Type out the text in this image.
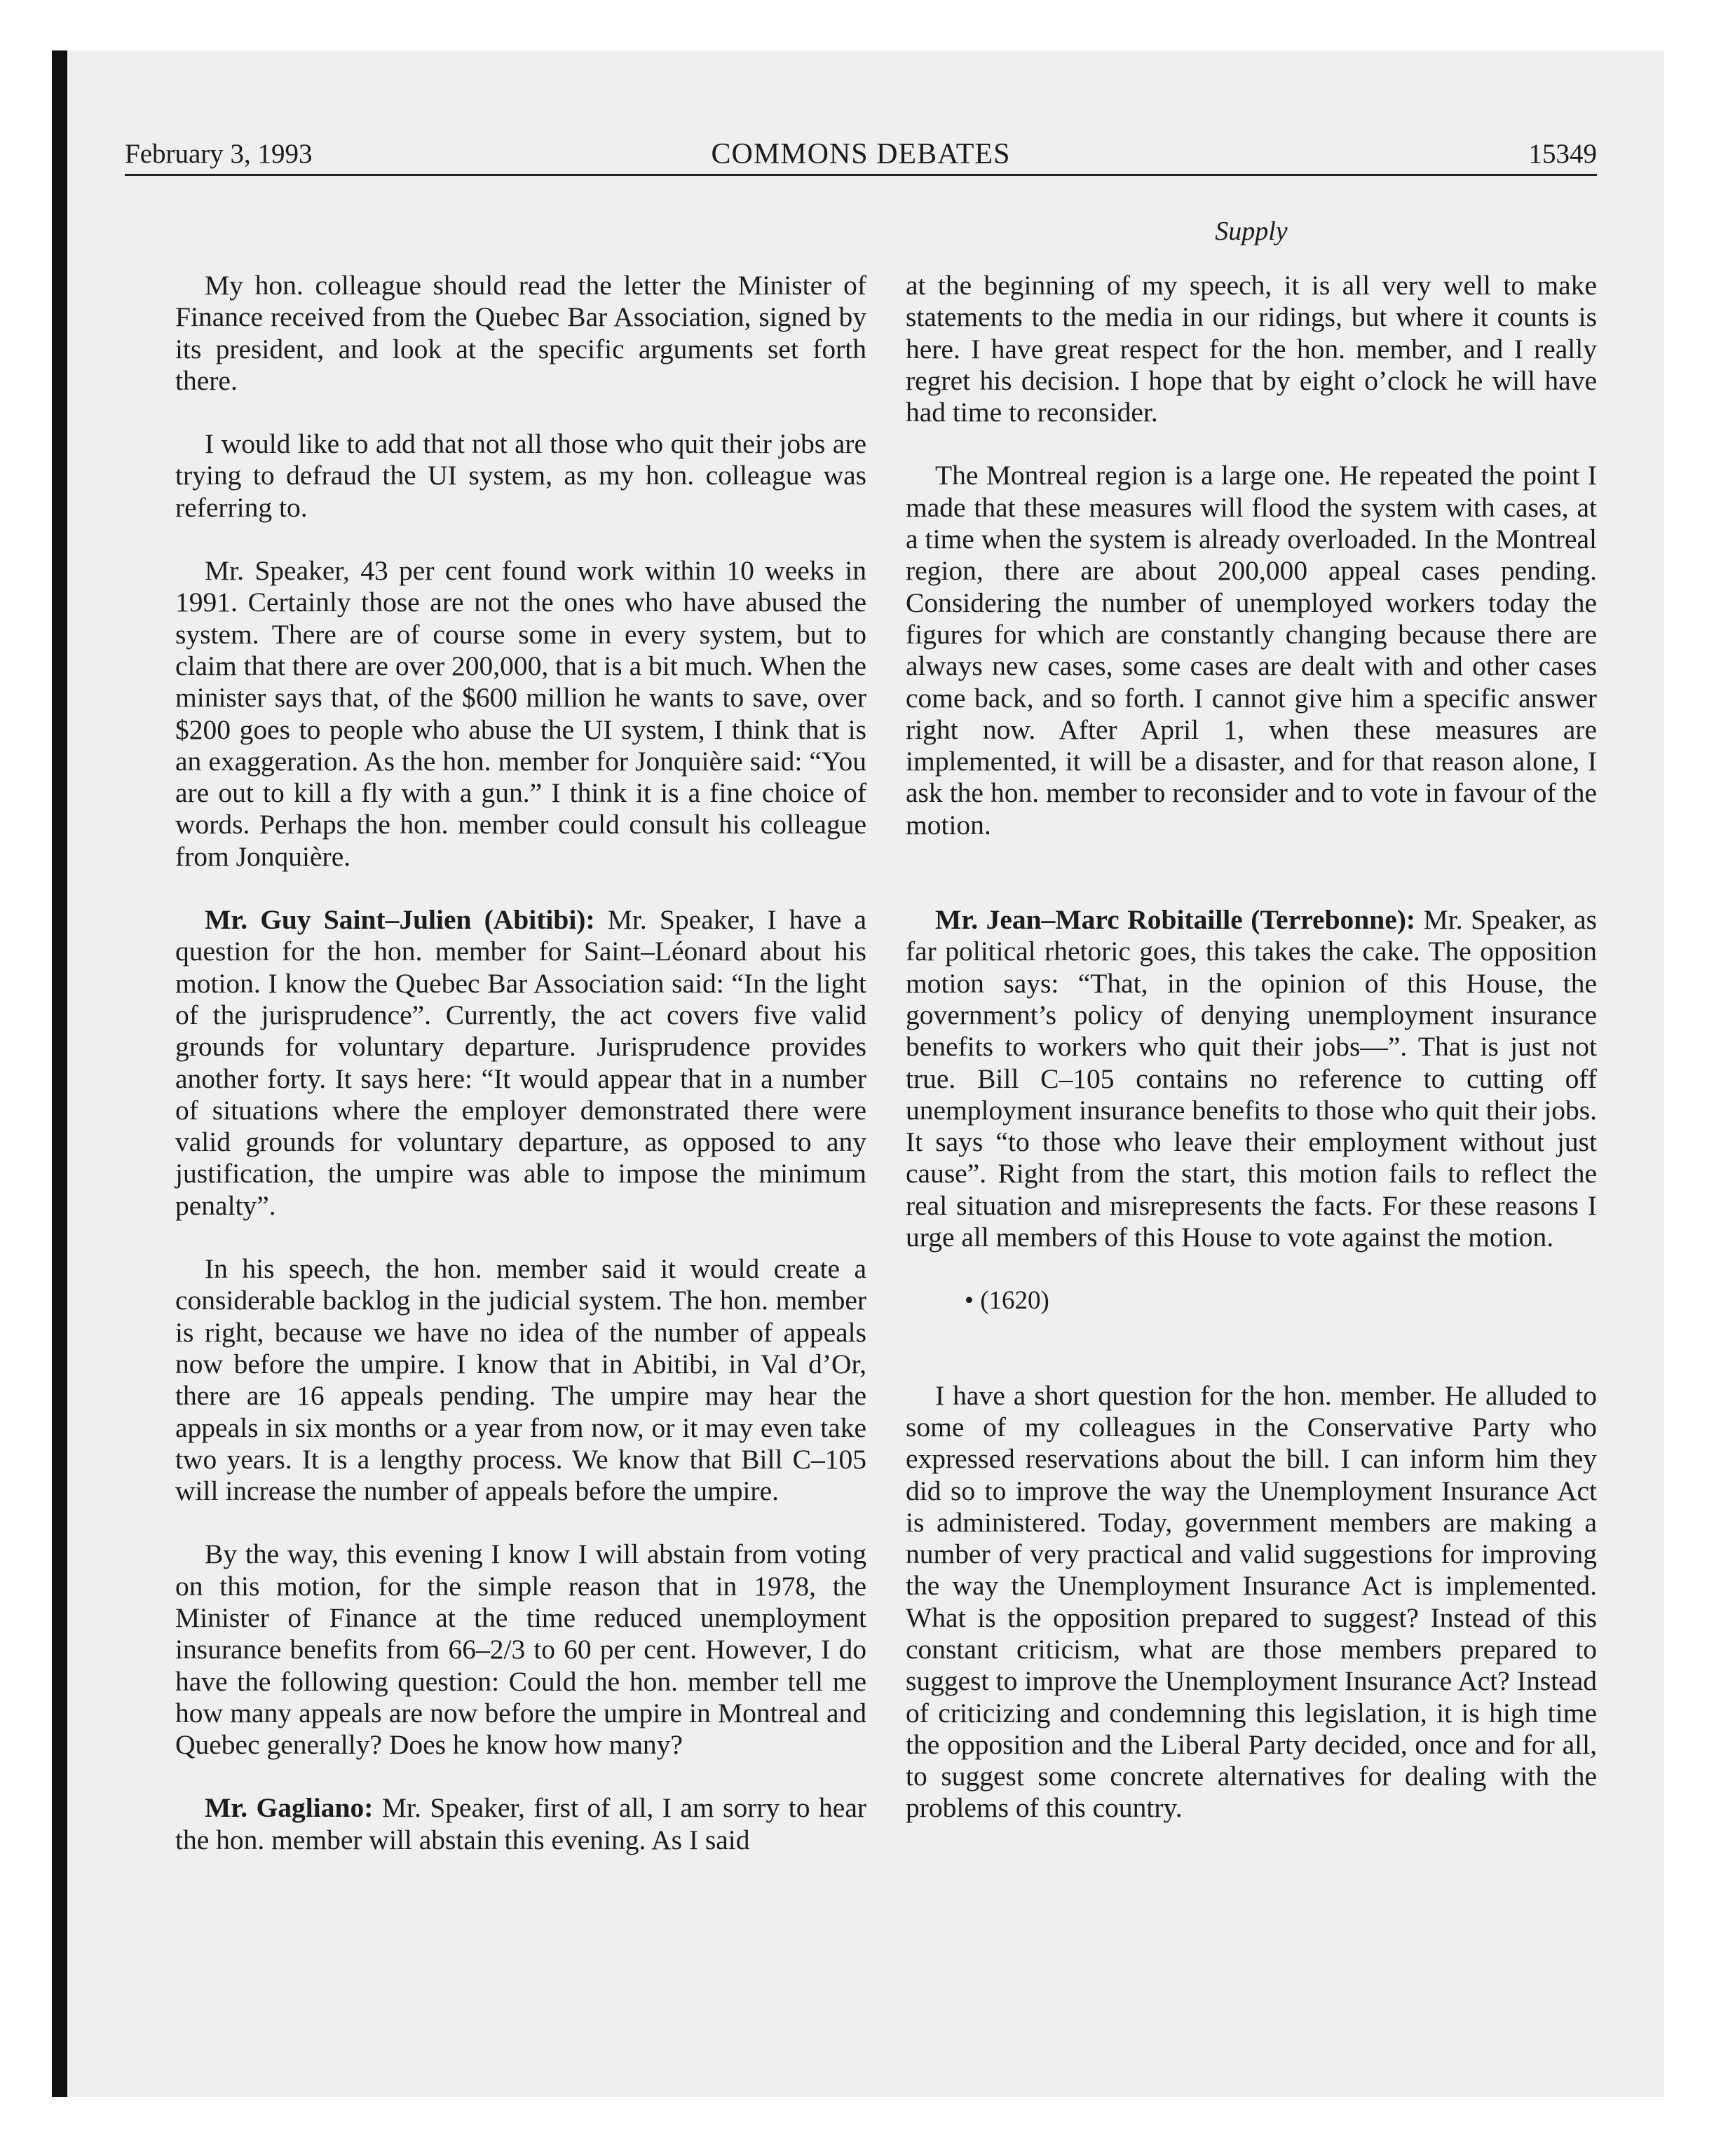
February 3, 1993	COMMONS DEBATES	15349
Supply

My hon. colleague should read the letter the Minister of Finance received from the Quebec Bar Association, signed by its president, and look at the specific arguments set forth there.

I would like to add that not all those who quit their jobs are trying to defraud the UI system, as my hon. colleague was referring to.

Mr. Speaker, 43 per cent found work within 10 weeks in 1991. Certainly those are not the ones who have abused the system. There are of course some in every system, but to claim that there are over 200,000, that is a bit much. When the minister says that, of the $600 million he wants to save, over $200 goes to people who abuse the UI system, I think that is an exaggeration. As the hon. member for Jonquière said: “You are out to kill a fly with a gun.” I think it is a fine choice of words. Perhaps the hon. member could consult his colleague from Jonquière.

Mr. Guy Saint–Julien (Abitibi): Mr. Speaker, I have a question for the hon. member for Saint–Léonard about his motion. I know the Quebec Bar Association said: “In the light of the jurisprudence”. Currently, the act covers five valid grounds for voluntary departure. Jurisprudence provides another forty. It says here: “It would appear that in a number of situations where the employer demonstrated there were valid grounds for voluntary departure, as opposed to any justification, the umpire was able to impose the minimum penalty”.

In his speech, the hon. member said it would create a considerable backlog in the judicial system. The hon. member is right, because we have no idea of the number of appeals now before the umpire. I know that in Abitibi, in Val d’Or, there are 16 appeals pending. The umpire may hear the appeals in six months or a year from now, or it may even take two years. It is a lengthy process. We know that Bill C–105 will increase the number of appeals before the umpire.

By the way, this evening I know I will abstain from voting on this motion, for the simple reason that in 1978, the Minister of Finance at the time reduced unemployment insurance benefits from 66–2/3 to 60 per cent. However, I do have the following question: Could the hon. member tell me how many appeals are now before the umpire in Montreal and Quebec generally? Does he know how many?

Mr. Gagliano: Mr. Speaker, first of all, I am sorry to hear the hon. member will abstain this evening. As I said

at the beginning of my speech, it is all very well to make statements to the media in our ridings, but where it counts is here. I have great respect for the hon. member, and I really regret his decision. I hope that by eight o’clock he will have had time to reconsider.

The Montreal region is a large one. He repeated the point I made that these measures will flood the system with cases, at a time when the system is already overloaded. In the Montreal region, there are about 200,000 appeal cases pending. Considering the number of unemployed workers today the figures for which are constantly changing because there are always new cases, some cases are dealt with and other cases come back, and so forth. I cannot give him a specific answer right now. After April 1, when these measures are implemented, it will be a disaster, and for that reason alone, I ask the hon. member to reconsider and to vote in favour of the motion.

Mr. Jean–Marc Robitaille (Terrebonne): Mr. Speaker, as far political rhetoric goes, this takes the cake. The opposition motion says: “That, in the opinion of this House, the government’s policy of denying unemployment insurance benefits to workers who quit their jobs—”. That is just not true. Bill C–105 contains no reference to cutting off unemployment insurance benefits to those who quit their jobs. It says “to those who leave their employment without just cause”. Right from the start, this motion fails to reflect the real situation and misrepresents the facts. For these reasons I urge all members of this House to vote against the motion.

• (1620)

I have a short question for the hon. member. He alluded to some of my colleagues in the Conservative Party who expressed reservations about the bill. I can inform him they did so to improve the way the Unemployment Insurance Act is administered. Today, government members are making a number of very practical and valid suggestions for improving the way the Unemployment Insurance Act is implemented. What is the opposition prepared to suggest? Instead of this constant criticism, what are those members prepared to suggest to improve the Unemployment Insurance Act? Instead of criticizing and condemning this legislation, it is high time the opposition and the Liberal Party decided, once and for all, to suggest some concrete alternatives for dealing with the problems of this country.
